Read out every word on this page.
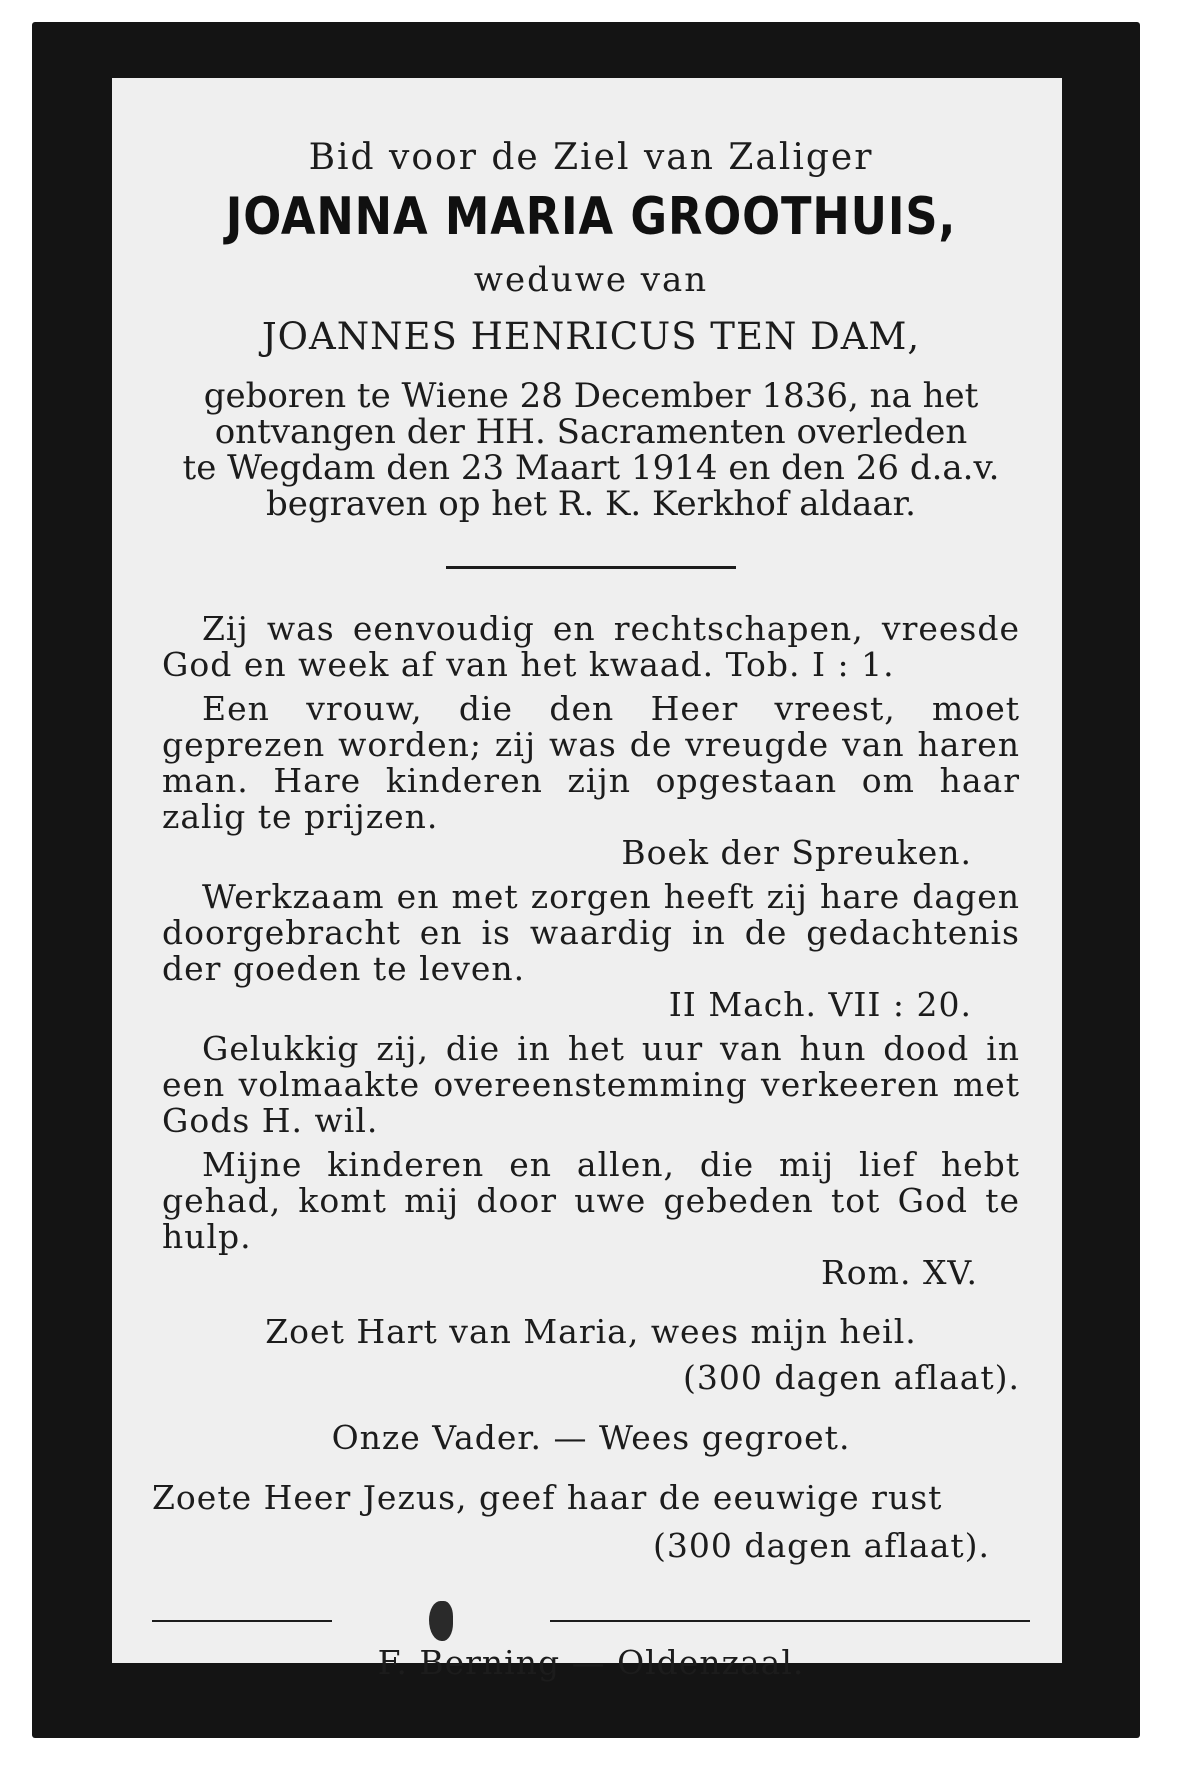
Bid voor de Ziel van Zaliger

JOANNA MARIA GROOTHUIS,

weduwe van

JOANNES HENRICUS TEN DAM,

geboren te Wiene 28 December 1836, na het

ontvangen der HH. Sacramenten overleden

te Wegdam den 23 Maart 1914 en den 26 d.a.v.

begraven op het R. K. Kerkhof aldaar.

Zij was eenvoudig en rechtschapen, vreesde God en week af van het kwaad. Tob. I : 1.

Een vrouw, die den Heer vreest, moet geprezen worden; zij was de vreugde van haren man. Hare kinderen zijn opgestaan om haar zalig te prijzen.

Boek der Spreuken.

Werkzaam en met zorgen heeft zij hare dagen doorgebracht en is waardig in de gedachtenis der goeden te leven.

II Mach. VII : 20.

Gelukkig zij, die in het uur van hun dood in een volmaakte overeenstemming verkeeren met Gods H. wil.

Mijne kinderen en allen, die mij lief hebt gehad, komt mij door uwe gebeden tot God te hulp.

Rom. XV.

Zoet Hart van Maria, wees mijn heil.

(300 dagen aflaat).

Onze Vader. — Wees gegroet.

Zoete Heer Jezus, geef haar de eeuwige rust

(300 dagen aflaat).

F. Berning — Oldenzaal.
